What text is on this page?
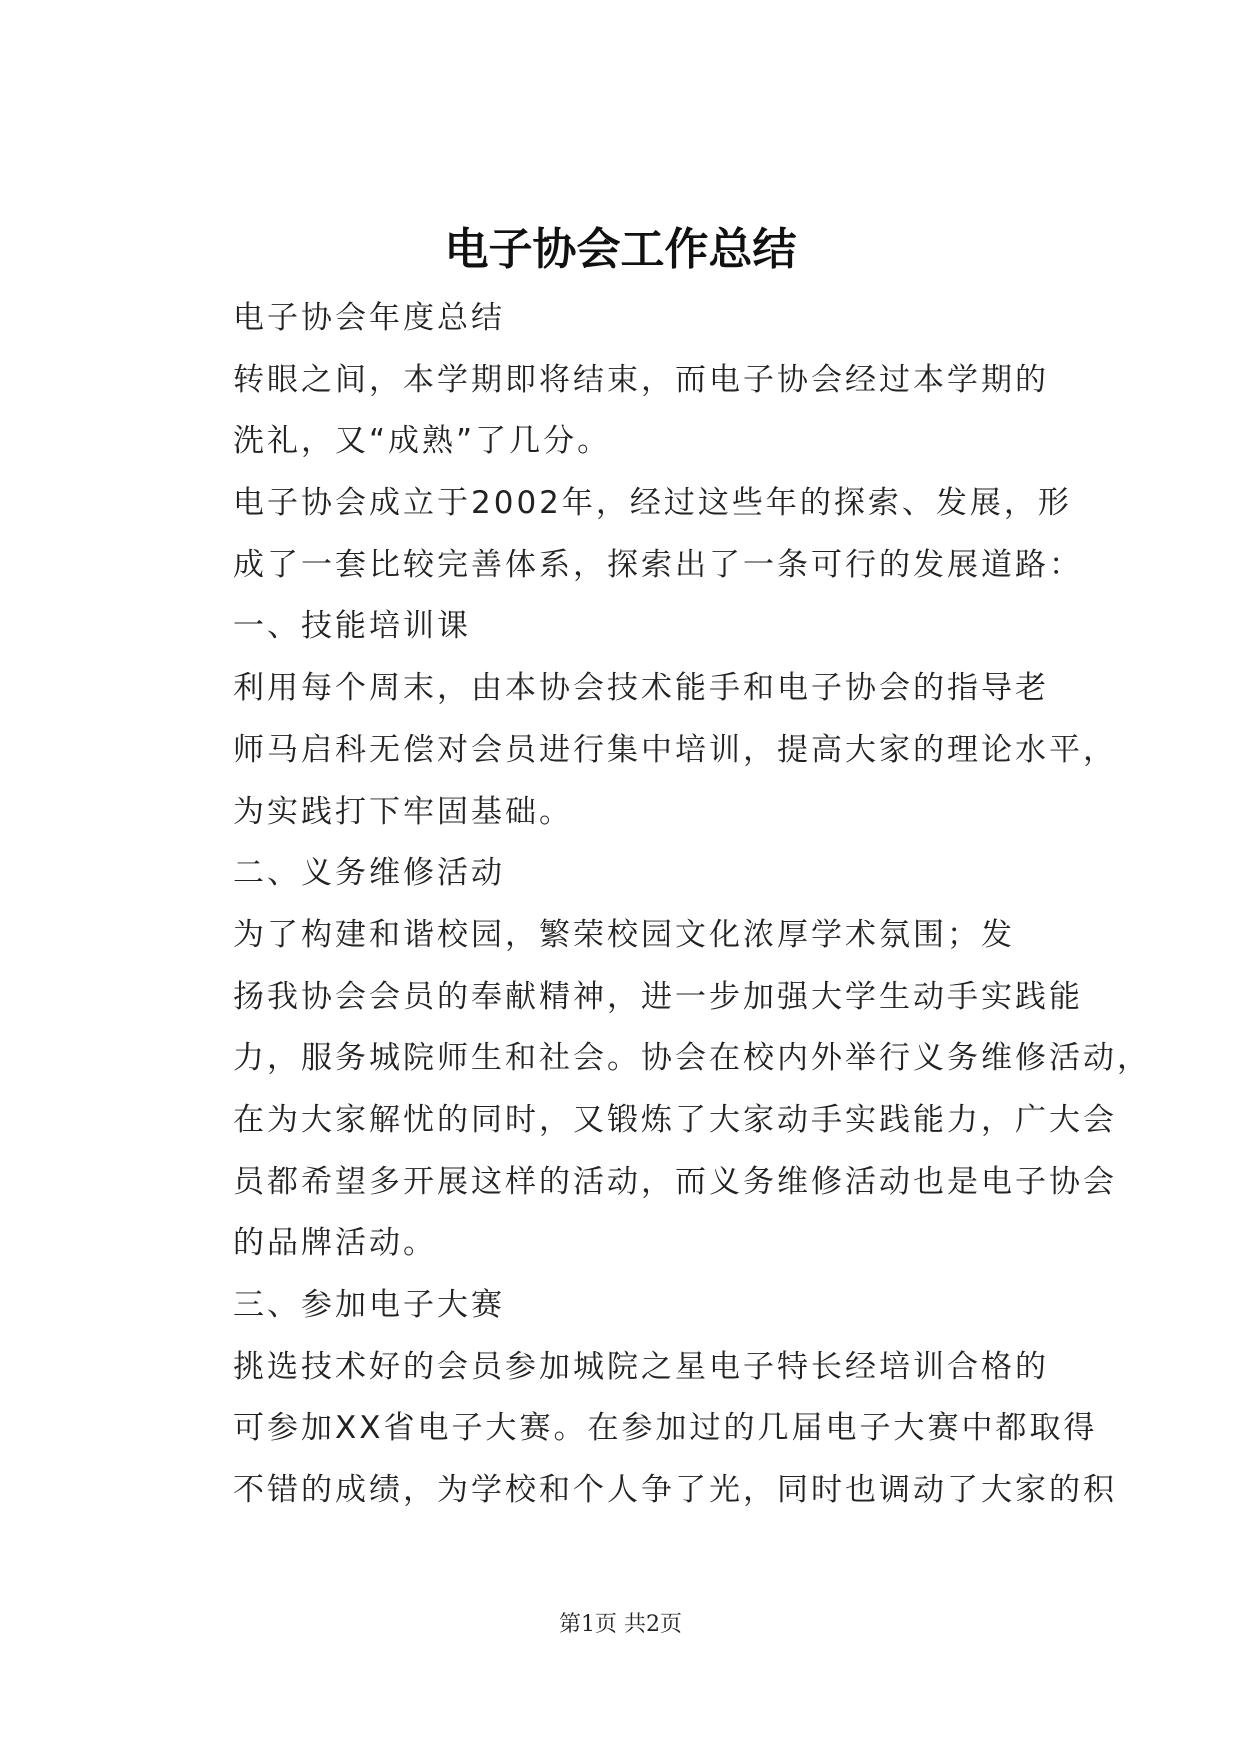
电子协会工作总结
电子协会年度总结
转眼之间，本学期即将结束，而电子协会经过本学期的
洗礼，又“成熟”了几分。
电子协会成立于2002年，经过这些年的探索、发展，形
成了一套比较完善体系，探索出了一条可行的发展道路：
一、技能培训课
利用每个周末，由本协会技术能手和电子协会的指导老
师马启科无偿对会员进行集中培训，提高大家的理论水平，
为实践打下牢固基础。
二、义务维修活动
为了构建和谐校园，繁荣校园文化浓厚学术氛围；发
扬我协会会员的奉献精神，进一步加强大学生动手实践能
力，服务城院师生和社会。协会在校内外举行义务维修活动，
在为大家解忧的同时，又锻炼了大家动手实践能力，广大会
员都希望多开展这样的活动，而义务维修活动也是电子协会
的品牌活动。
三、参加电子大赛
挑选技术好的会员参加城院之星电子特长经培训合格的
可参加XX省电子大赛。在参加过的几届电子大赛中都取得
不错的成绩，为学校和个人争了光，同时也调动了大家的积
第1页 共2页
